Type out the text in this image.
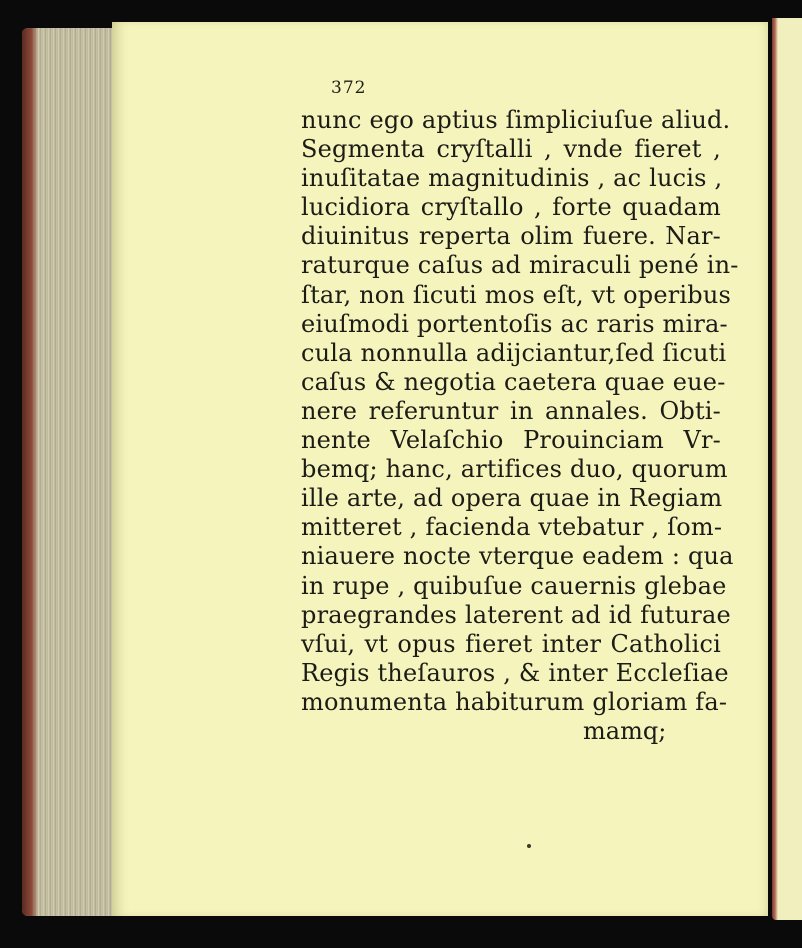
372
nunc ego aptius ſimpliciuſue aliud.
Segmenta cryſtalli , vnde fieret ,
inuſitatae magnitudinis , ac lucis ,
lucidiora cryſtallo , forte quadam
diuinitus reperta olim fuere. Nar-
raturque caſus ad miraculi pené in-
ſtar, non ſicuti mos eſt, vt operibus
eiuſmodi portentoſis ac raris mira-
cula nonnulla adijciantur,ſed ſicuti
caſus & negotia caetera quae eue-
nere referuntur in annales. Obti-
nente Velaſchio Prouinciam Vr-
bemq; hanc, artifices duo, quorum
ille arte, ad opera quae in Regiam
mitteret , facienda vtebatur , ſom-
niauere nocte vterque eadem : qua
in rupe , quibuſue cauernis glebae
praegrandes laterent ad id futurae
vſui, vt opus fieret inter Catholici
Regis theſauros , & inter Eccleſiae
monumenta habiturum gloriam fa-
mamq;
